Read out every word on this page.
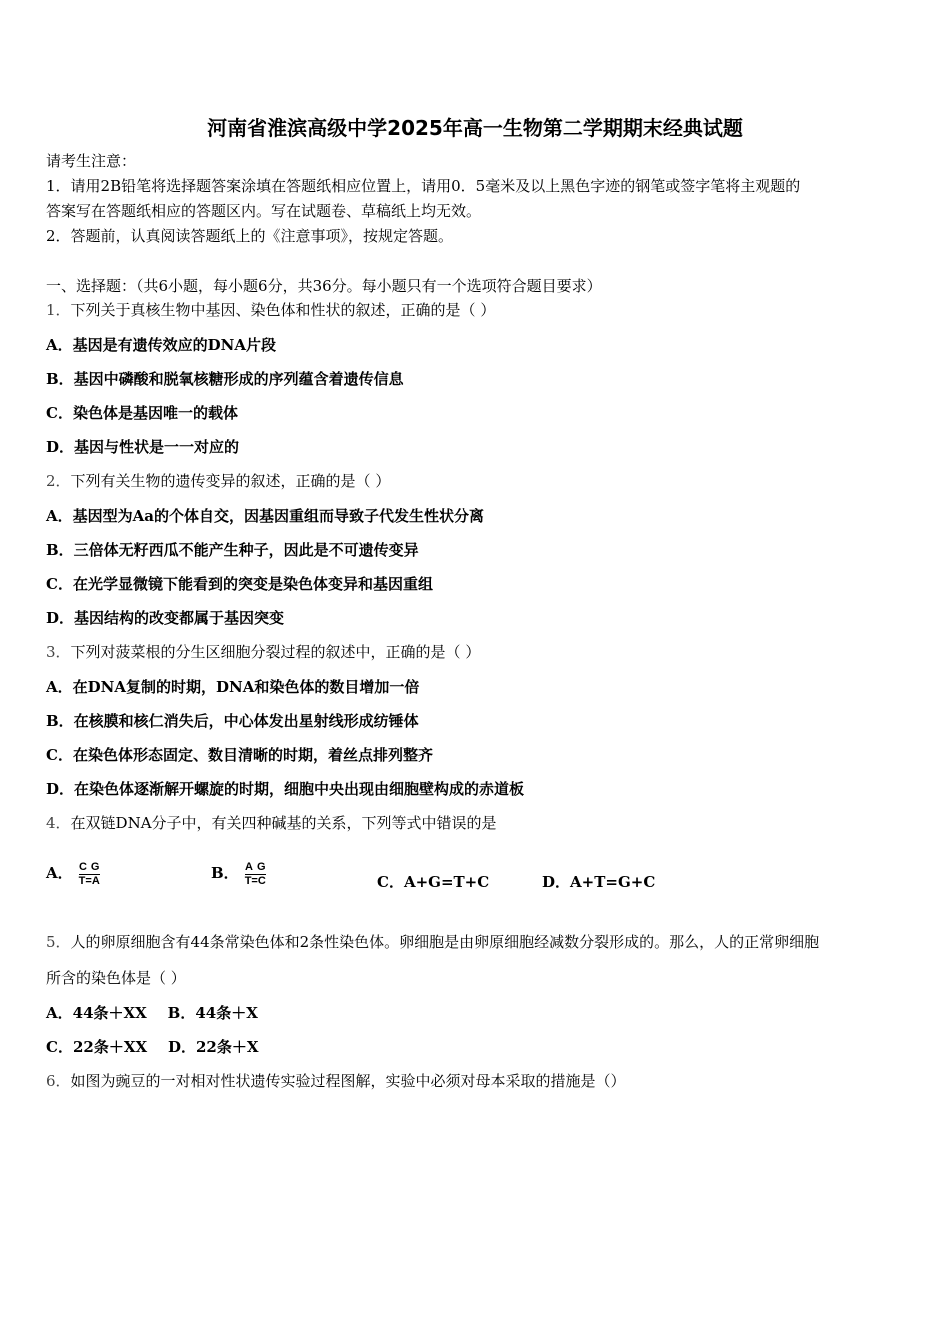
河南省淮滨高级中学2025年高一生物第二学期期末经典试题
请考生注意：
1．请用2B铅笔将选择题答案涂填在答题纸相应位置上，请用0．5毫米及以上黑色字迹的钢笔或签字笔将主观题的
答案写在答题纸相应的答题区内。写在试题卷、草稿纸上均无效。
2．答题前，认真阅读答题纸上的《注意事项》，按规定答题。
一、选择题：（共6小题，每小题6分，共36分。每小题只有一个选项符合题目要求）
1．下列关于真核生物中基因、染色体和性状的叙述，正确的是（ ）
A．基因是有遗传效应的DNA片段
B．基因中磷酸和脱氧核糖形成的序列蕴含着遗传信息
C．染色体是基因唯一的载体
D．基因与性状是一一对应的
2．下列有关生物的遗传变异的叙述，正确的是（ ）
A．基因型为Aa的个体自交，因基因重组而导致子代发生性状分离
B．三倍体无籽西瓜不能产生种子，因此是不可遗传变异
C．在光学显微镜下能看到的突变是染色体变异和基因重组
D．基因结构的改变都属于基因突变
3．下列对菠菜根的分生区细胞分裂过程的叙述中，正确的是（ ）
A．在DNA复制的时期，DNA和染色体的数目增加一倍
B．在核膜和核仁消失后，中心体发出星射线形成纺锤体
C．在染色体形态固定、数目清晰的时期，着丝点排列整齐
D．在染色体逐渐解开螺旋的时期，细胞中央出现由细胞壁构成的赤道板
4．在双链DNA分子中，有关四种碱基的关系，下列等式中错误的是
A． $\frac{\text{C G}}{T=A}$	B． $\frac{\text{A G}}{T=C}$	C．A+G=T+C	D．A+T=G+C
5．人的卵原细胞含有44条常染色体和2条性染色体。卵细胞是由卵原细胞经减数分裂形成的。那么，人的正常卵细胞
所含的染色体是（ ）
A．44条＋XX    B．44条＋X
C．22条＋XX    D．22条＋X
6．如图为豌豆的一对相对性状遗传实验过程图解，实验中必须对母本采取的措施是（）
